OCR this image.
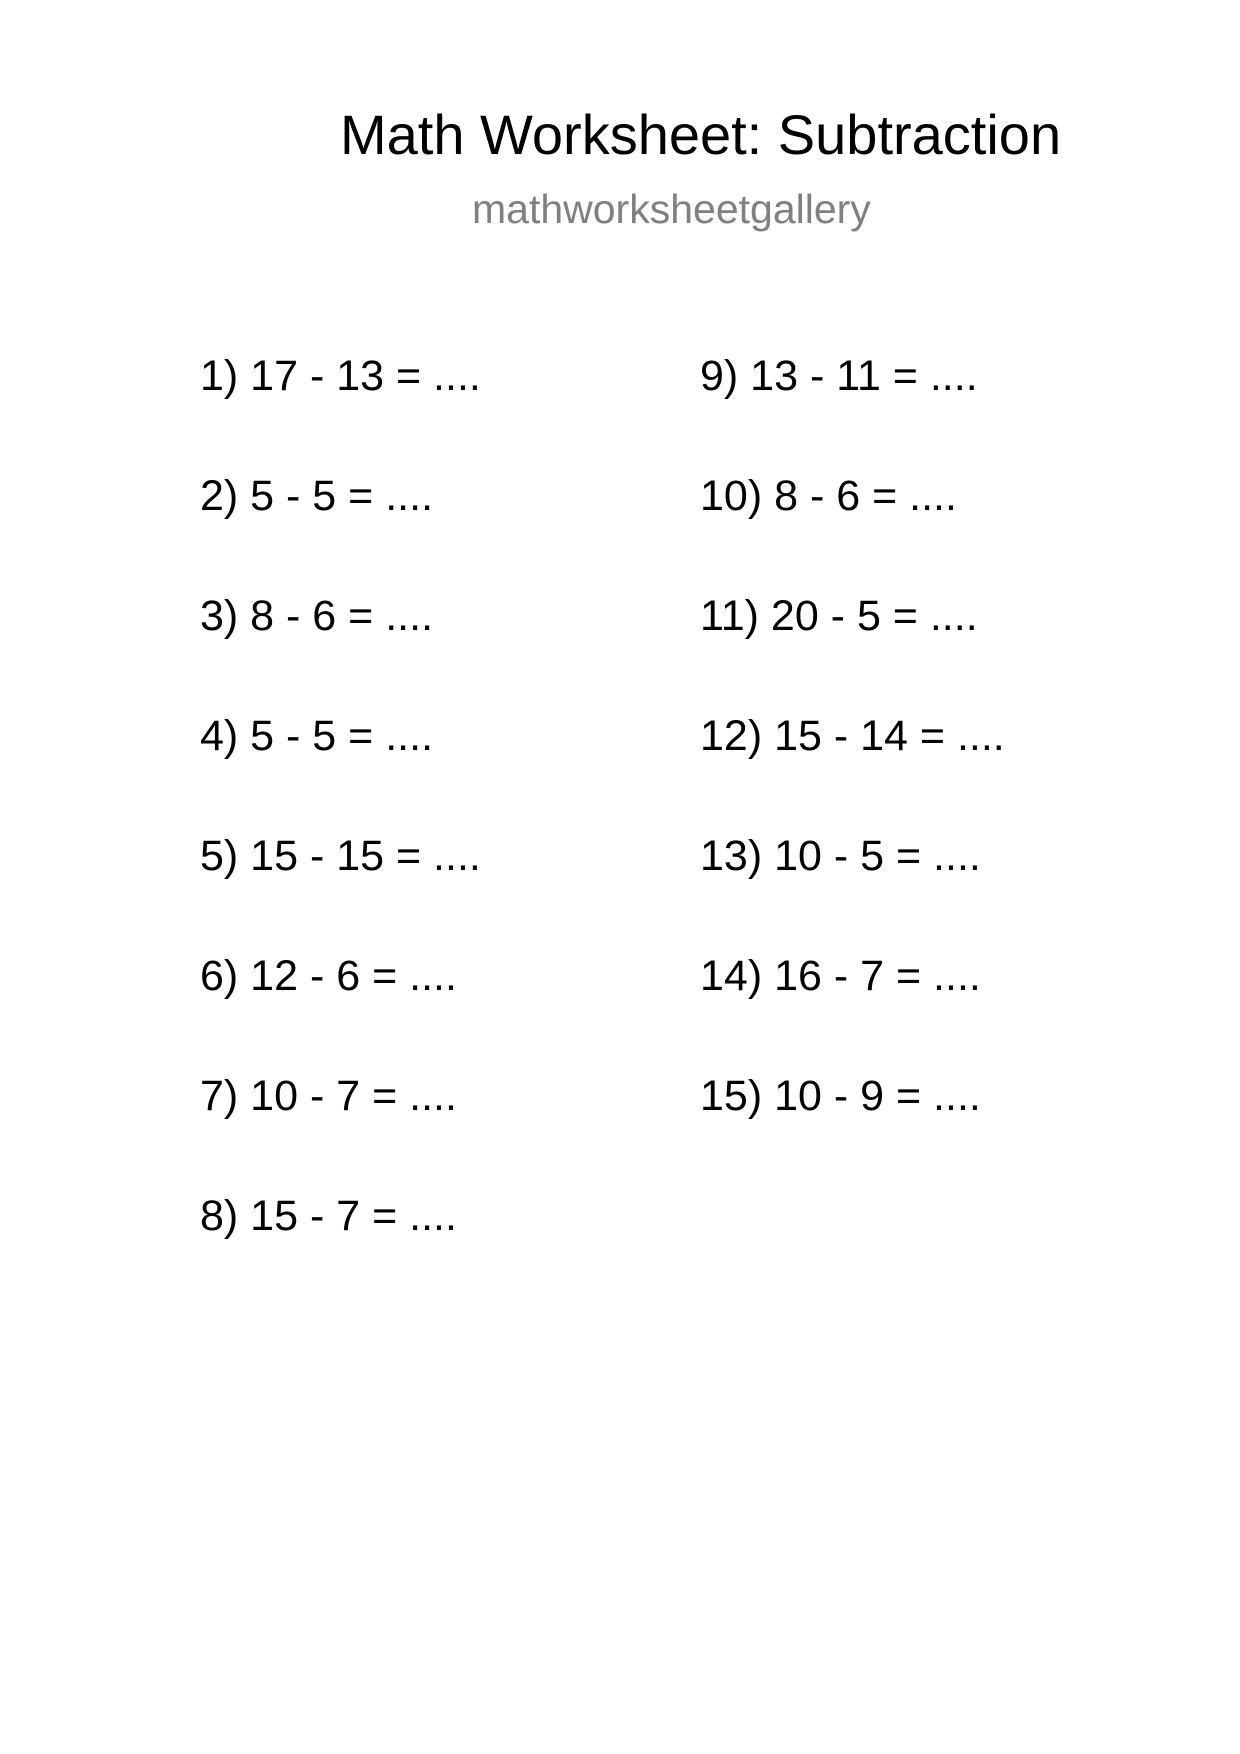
Math Worksheet: Subtraction
mathworksheetgallery
1) 17 - 13 = ....
2) 5 - 5 = ....
3) 8 - 6 = ....
4) 5 - 5 = ....
5) 15 - 15 = ....
6) 12 - 6 = ....
7) 10 - 7 = ....
8) 15 - 7 = ....
9) 13 - 11 = ....
10) 8 - 6 = ....
11) 20 - 5 = ....
12) 15 - 14 = ....
13) 10 - 5 = ....
14) 16 - 7 = ....
15) 10 - 9 = ....
